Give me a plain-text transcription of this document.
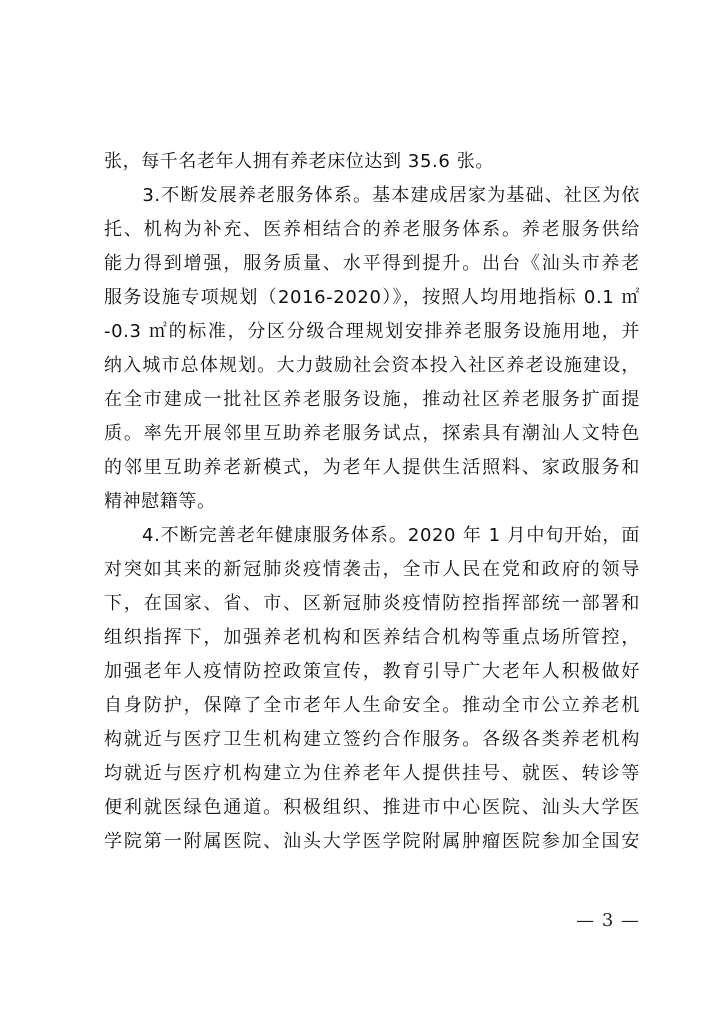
张，每千名老年人拥有养老床位达到 35.6 张。
　　3.不断发展养老服务体系。基本建成居家为基础、社区为依
托、机构为补充、医养相结合的养老服务体系。养老服务供给
能力得到增强，服务质量、水平得到提升。出台《汕头市养老
服务设施专项规划（2016-2020）》，按照人均用地指标 0.1 ㎡
-0.3 ㎡的标准，分区分级合理规划安排养老服务设施用地，并
纳入城市总体规划。大力鼓励社会资本投入社区养老设施建设，
在全市建成一批社区养老服务设施，推动社区养老服务扩面提
质。率先开展邻里互助养老服务试点，探索具有潮汕人文特色
的邻里互助养老新模式，为老年人提供生活照料、家政服务和
精神慰籍等。
　　4.不断完善老年健康服务体系。2020 年 1 月中旬开始，面
对突如其来的新冠肺炎疫情袭击，全市人民在党和政府的领导
下，在国家、省、市、区新冠肺炎疫情防控指挥部统一部署和
组织指挥下，加强养老机构和医养结合机构等重点场所管控，
加强老年人疫情防控政策宣传，教育引导广大老年人积极做好
自身防护，保障了全市老年人生命安全。推动全市公立养老机
构就近与医疗卫生机构建立签约合作服务。各级各类养老机构
均就近与医疗机构建立为住养老年人提供挂号、就医、转诊等
便利就医绿色通道。积极组织、推进市中心医院、汕头大学医
学院第一附属医院、汕头大学医学院附属肿瘤医院参加全国安
— 3 —
